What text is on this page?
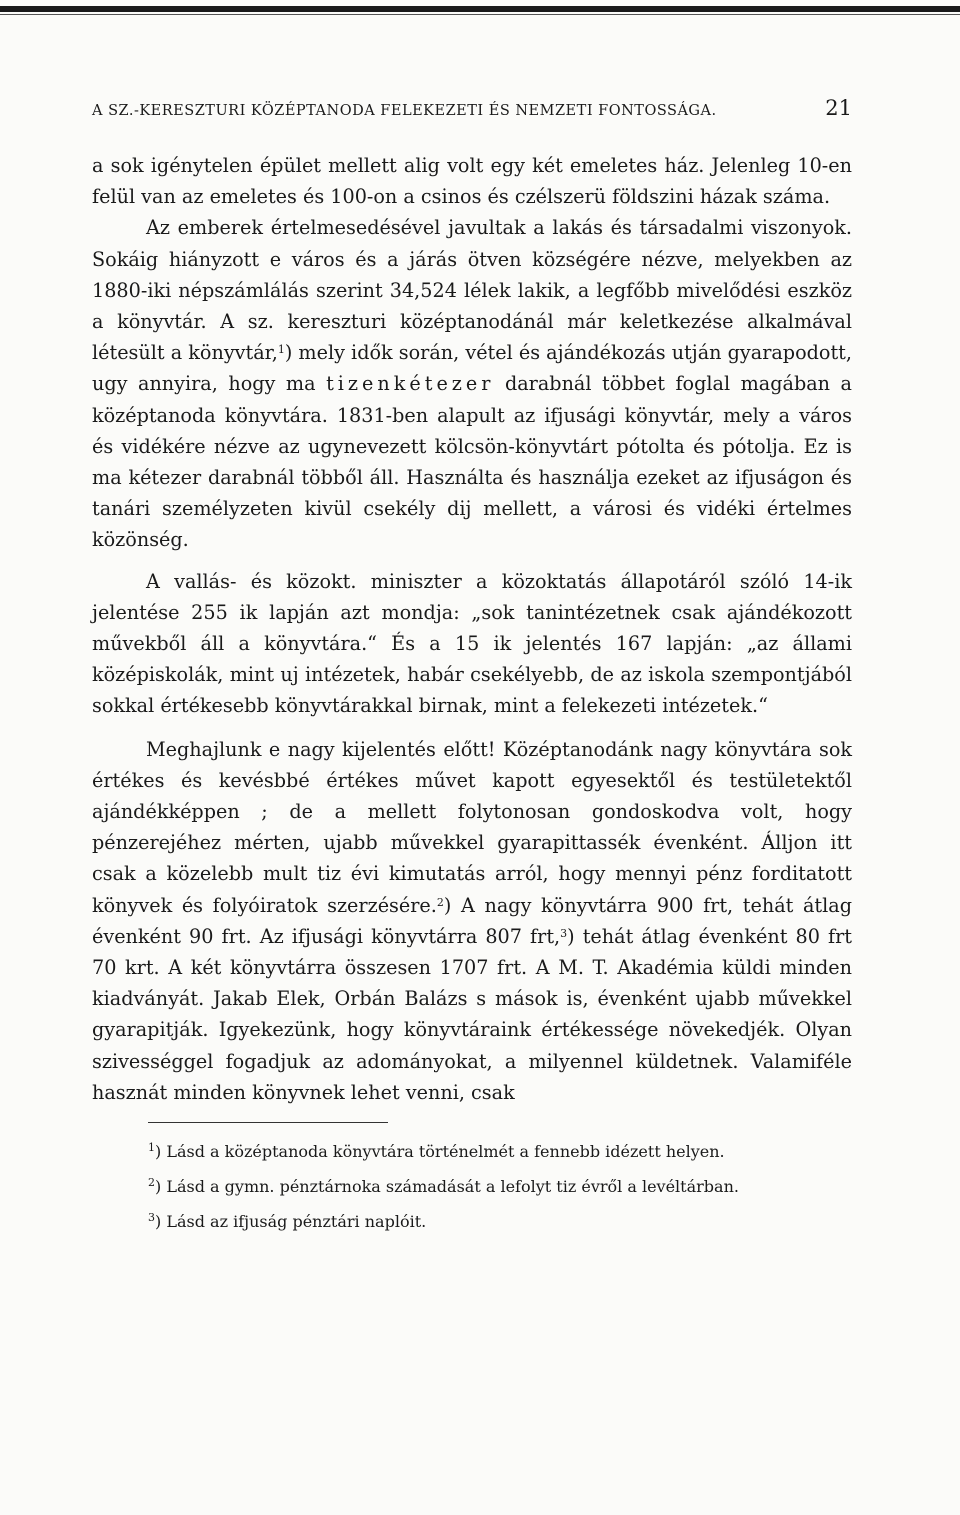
A SZ.-KERESZTURI KÖZÉPTANODA FELEKEZETI ÉS NEMZETI FONTOSSÁGA.	21

a sok igénytelen épület mellett alig volt egy két emeletes ház. Jelenleg 10-en felül van az emeletes és 100-on a csinos és czélszerü földszini házak száma.

Az emberek értelmesedésével javultak a lakás és társadalmi viszonyok. Sokáig hiányzott e város és a járás ötven községére nézve, melyekben az 1880-iki népszámlálás szerint 34,524 lélek lakik, a legfőbb mivelődési eszköz a könyvtár. A sz. kereszturi középtanodánál már keletkezése alkalmával létesült a könyvtár,$^1$) mely idők során, vétel és ajándékozás utján gyarapodott, ugy annyira, hogy ma tizenkétezer darabnál többet foglal magában a középtanoda könyvtára. 1831-ben alapult az ifjusági könyvtár, mely a város és vidékére nézve az ugynevezett kölcsön-könyvtárt pótolta és pótolja. Ez is ma kétezer darabnál többől áll. Használta és használja ezeket az ifjuságon és tanári személyzeten kivül csekély dij mellett, a városi és vidéki értelmes közönség.

A vallás- és közokt. miniszter a közoktatás állapotáról szóló 14-ik jelentése 255 ik lapján azt mondja: „sok tanintézetnek csak ajándékozott művekből áll a könyvtára.“ És a 15 ik jelentés 167 lapján: „az állami középiskolák, mint uj intézetek, habár csekélyebb, de az iskola szempontjából sokkal értékesebb könyvtárakkal birnak, mint a felekezeti intézetek.“

Meghajlunk e nagy kijelentés előtt! Középtanodánk nagy könyvtára sok értékes és kevésbbé értékes művet kapott egyesektől és testületektől ajándékképpen ; de a mellett folytonosan gondoskodva volt, hogy pénzerejéhez mérten, ujabb művekkel gyarapittassék évenként. Álljon itt csak a közelebb mult tiz évi kimutatás arról, hogy mennyi pénz forditatott könyvek és folyóiratok szerzésére.$^2$) A nagy könyvtárra 900 frt, tehát átlag évenként 90 frt. Az ifjusági könyvtárra 807 frt,$^3$) tehát átlag évenként 80 frt 70 krt. A két könyvtárra összesen 1707 frt. A M. T. Akadémia küldi minden kiadványát. Jakab Elek, Orbán Balázs s mások is, évenként ujabb művekkel gyarapitják. Igyekezünk, hogy könyvtáraink értékessége növekedjék. Olyan szivességgel fogadjuk az adományokat, a milyennel küldetnek. Valamiféle hasznát minden könyvnek lehet venni, csak

$^1$) Lásd a középtanoda könyvtára történelmét a fennebb idézett helyen.
$^2$) Lásd a gymn. pénztárnoka számadását a lefolyt tiz évről a levéltárban.
$^3$) Lásd az ifjuság pénztári naplóit.
